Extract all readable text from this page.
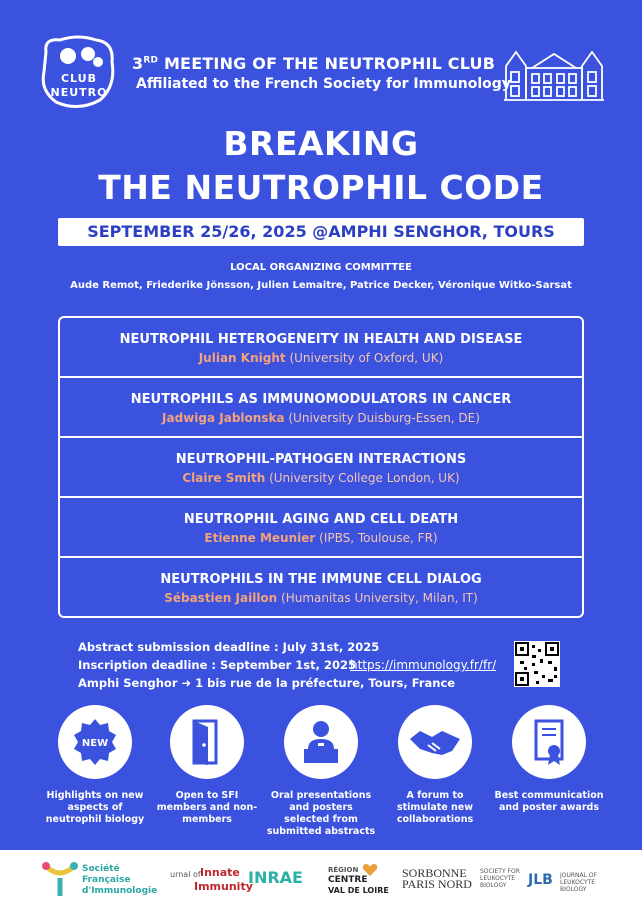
CLUB
NEUTRO
3RD MEETING OF THE NEUTROPHIL CLUB
Affiliated to the French Society for Immunology
BREAKING
THE NEUTROPHIL CODE
SEPTEMBER 25/26, 2025 @AMPHI SENGHOR, TOURS
LOCAL ORGANIZING COMMITTEE
Aude Remot, Friederike Jönsson, Julien Lemaitre, Patrice Decker, Véronique Witko-Sarsat
NEUTROPHIL HETEROGENEITY IN HEALTH AND DISEASE
Julian Knight (University of Oxford, UK)
NEUTROPHILS AS IMMUNOMODULATORS IN CANCER
Jadwiga Jablonska (University Duisburg-Essen, DE)
NEUTROPHIL-PATHOGEN INTERACTIONS
Claire Smith (University College London, UK)
NEUTROPHIL AGING AND CELL DEATH
Etienne Meunier (IPBS, Toulouse, FR)
NEUTROPHILS IN THE IMMUNE CELL DIALOG
Sébastien Jaillon (Humanitas University, Milan, IT)
Abstract submission deadline : July 31st, 2025
Inscription deadline : September 1st, 2025
Amphi Senghor ➜ 1 bis rue de la préfecture, Tours, France
https://immunology.fr/fr/
NEW
Highlights on new aspects of neutrophil biology
Open to SFI members and non-members
Oral presentations and posters selected from submitted abstracts
A forum to stimulate new collaborations
Best communication and poster awards
Société Française d'Immunologie
urnal of Innate
Immunity
INRAE	RÉGION
CENTRE
VAL DE LOIRE
SORBONNE
PARIS NORD
SOCIETY FOR LEUKOCYTE BIOLOGY	JLB JOURNAL OF LEUKOCYTE BIOLOGY
